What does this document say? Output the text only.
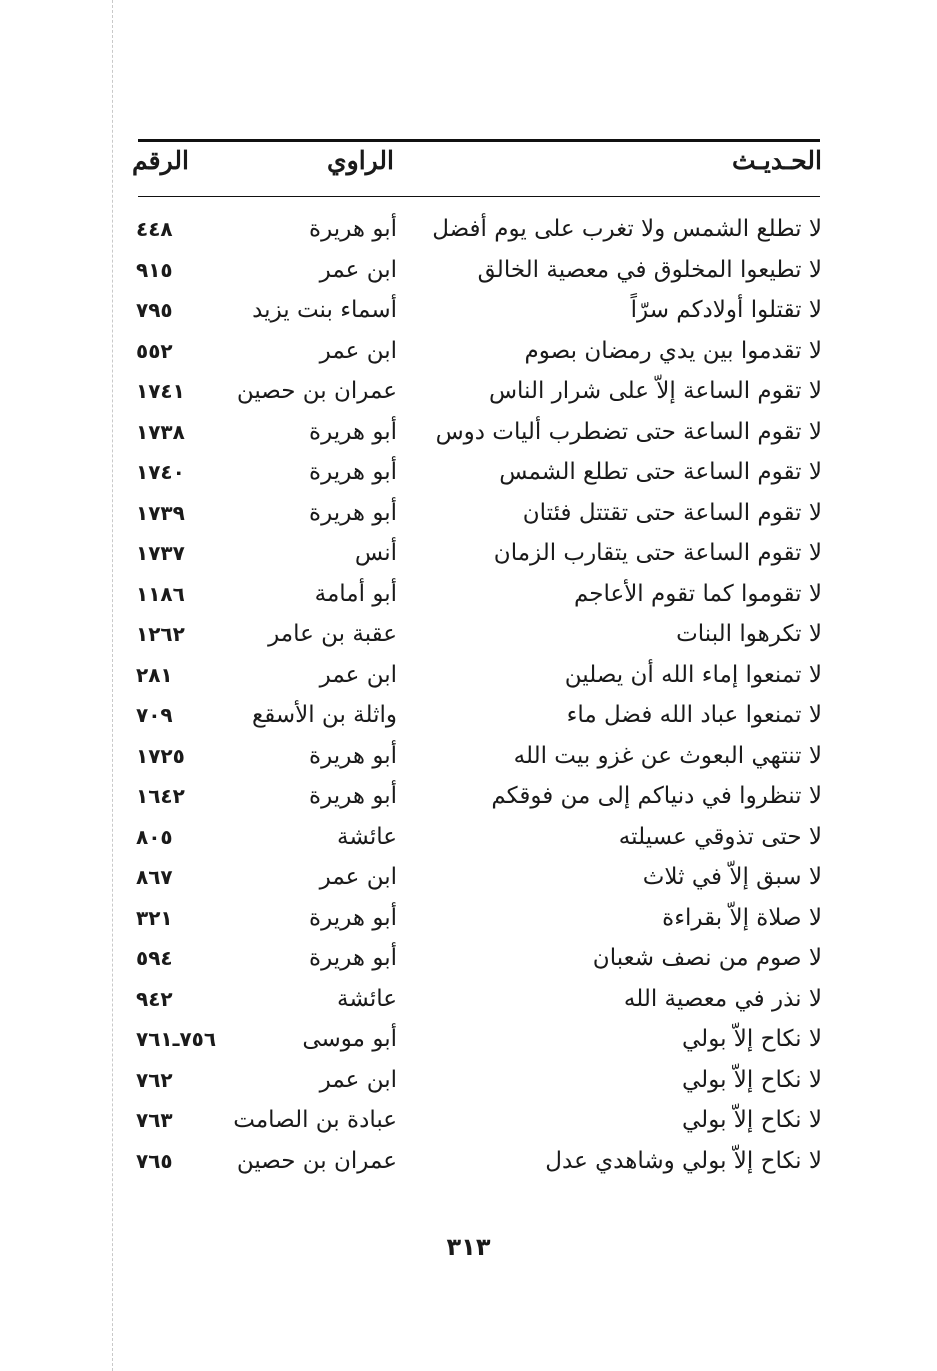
الحـديـث
الراوي
الرقم
لا تطلع الشمس ولا تغرب على يوم أفضل
أبو هريرة
٤٤٨
لا تطيعوا المخلوق في معصية الخالق
ابن عمر
٩١٥
لا تقتلوا أولادكم سرّاً
أسماء بنت يزيد
٧٩٥
لا تقدموا بين يدي رمضان بصوم
ابن عمر
٥٥٢
لا تقوم الساعة إلاّ على شرار الناس
عمران بن حصين
١٧٤١
لا تقوم الساعة حتى تضطرب أليات دوس
أبو هريرة
١٧٣٨
لا تقوم الساعة حتى تطلع الشمس
أبو هريرة
١٧٤٠
لا تقوم الساعة حتى تقتتل فئتان
أبو هريرة
١٧٣٩
لا تقوم الساعة حتى يتقارب الزمان
أنس
١٧٣٧
لا تقوموا كما تقوم الأعاجم
أبو أمامة
١١٨٦
لا تكرهوا البنات
عقبة بن عامر
١٢٦٢
لا تمنعوا إماء الله أن يصلين
ابن عمر
٢٨١
لا تمنعوا عباد الله فضل ماء
واثلة بن الأسقع
٧٠٩
لا تنتهي البعوث عن غزو بيت الله
أبو هريرة
١٧٢٥
لا تنظروا في دنياكم إلى من فوقكم
أبو هريرة
١٦٤٢
لا حتى تذوقي عسيلته
عائشة
٨٠٥
لا سبق إلاّ في ثلاث
ابن عمر
٨٦٧
لا صلاة إلاّ بقراءة
أبو هريرة
٣٢١
لا صوم من نصف شعبان
أبو هريرة
٥٩٤
لا نذر في معصية الله
عائشة
٩٤٢
لا نكاح إلاّ بولي
أبو موسى
٧٥٦ـ٧٦١
لا نكاح إلاّ بولي
ابن عمر
٧٦٢
لا نكاح إلاّ بولي
عبادة بن الصامت
٧٦٣
لا نكاح إلاّ بولي وشاهدي عدل
عمران بن حصين
٧٦٥
٣١٣
